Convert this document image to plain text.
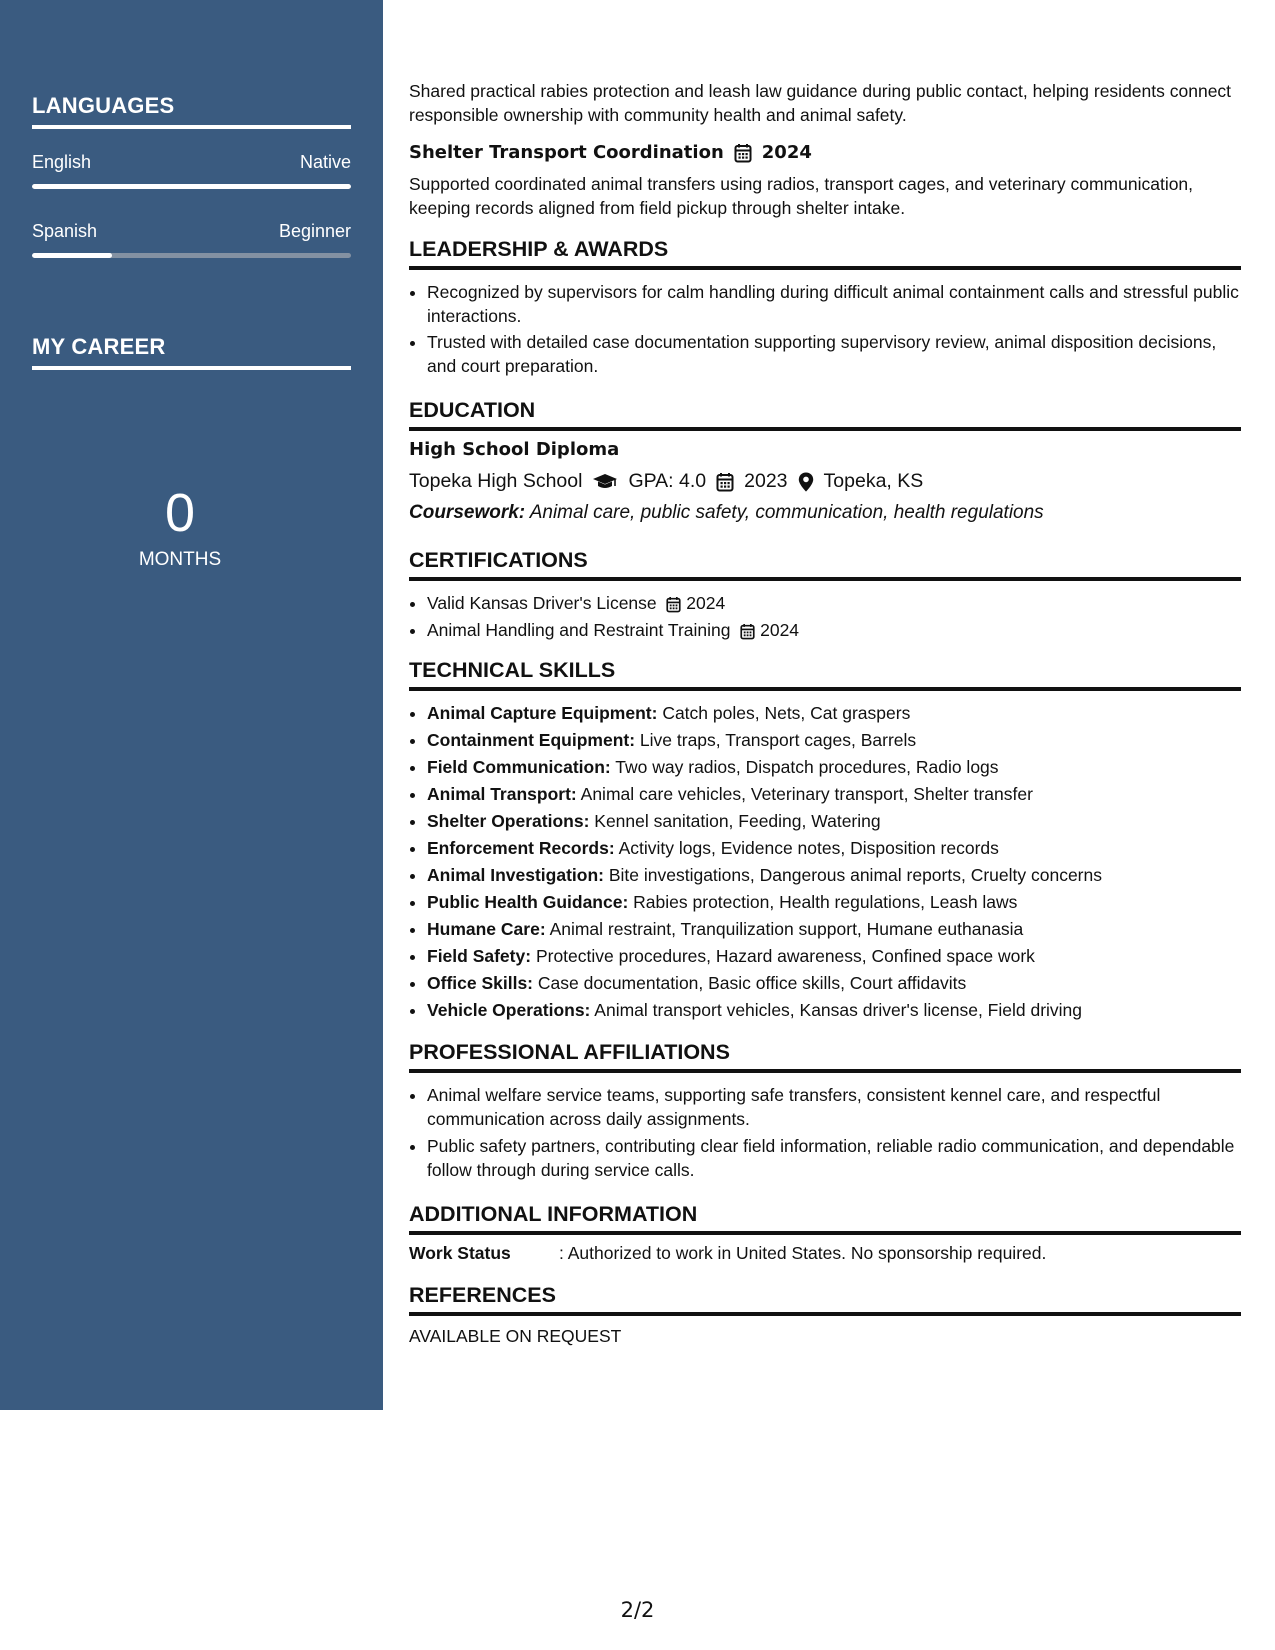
LANGUAGES
English	Native
Spanish	Beginner
MY CAREER
0
MONTHS

Shared practical rabies protection and leash law guidance during public contact, helping residents connect responsible ownership with community health and animal safety.

Shelter Transport Coordination 2024

Supported coordinated animal transfers using radios, transport cages, and veterinary communication, keeping records aligned from field pickup through shelter intake.

LEADERSHIP & AWARDS
• Recognized by supervisors for calm handling during difficult animal containment calls and stressful public interactions.
• Trusted with detailed case documentation supporting supervisory review, animal disposition decisions, and court preparation.
EDUCATION
High School Diploma
Topeka High School GPA: 4.0 2023 Topeka, KS
Coursework: Animal care, public safety, communication, health regulations
CERTIFICATIONS
• Valid Kansas Driver's License 2024
• Animal Handling and Restraint Training 2024
TECHNICAL SKILLS
• Animal Capture Equipment: Catch poles, Nets, Cat graspers
• Containment Equipment: Live traps, Transport cages, Barrels
• Field Communication: Two way radios, Dispatch procedures, Radio logs
• Animal Transport: Animal care vehicles, Veterinary transport, Shelter transfer
• Shelter Operations: Kennel sanitation, Feeding, Watering
• Enforcement Records: Activity logs, Evidence notes, Disposition records
• Animal Investigation: Bite investigations, Dangerous animal reports, Cruelty concerns
• Public Health Guidance: Rabies protection, Health regulations, Leash laws
• Humane Care: Animal restraint, Tranquilization support, Humane euthanasia
• Field Safety: Protective procedures, Hazard awareness, Confined space work
• Office Skills: Case documentation, Basic office skills, Court affidavits
• Vehicle Operations: Animal transport vehicles, Kansas driver's license, Field driving
PROFESSIONAL AFFILIATIONS
• Animal welfare service teams, supporting safe transfers, consistent kennel care, and respectful communication across daily assignments.
• Public safety partners, contributing clear field information, reliable radio communication, and dependable follow through during service calls.
ADDITIONAL INFORMATION
Work Status	: Authorized to work in United States. No sponsorship required.
REFERENCES
AVAILABLE ON REQUEST
2/2
